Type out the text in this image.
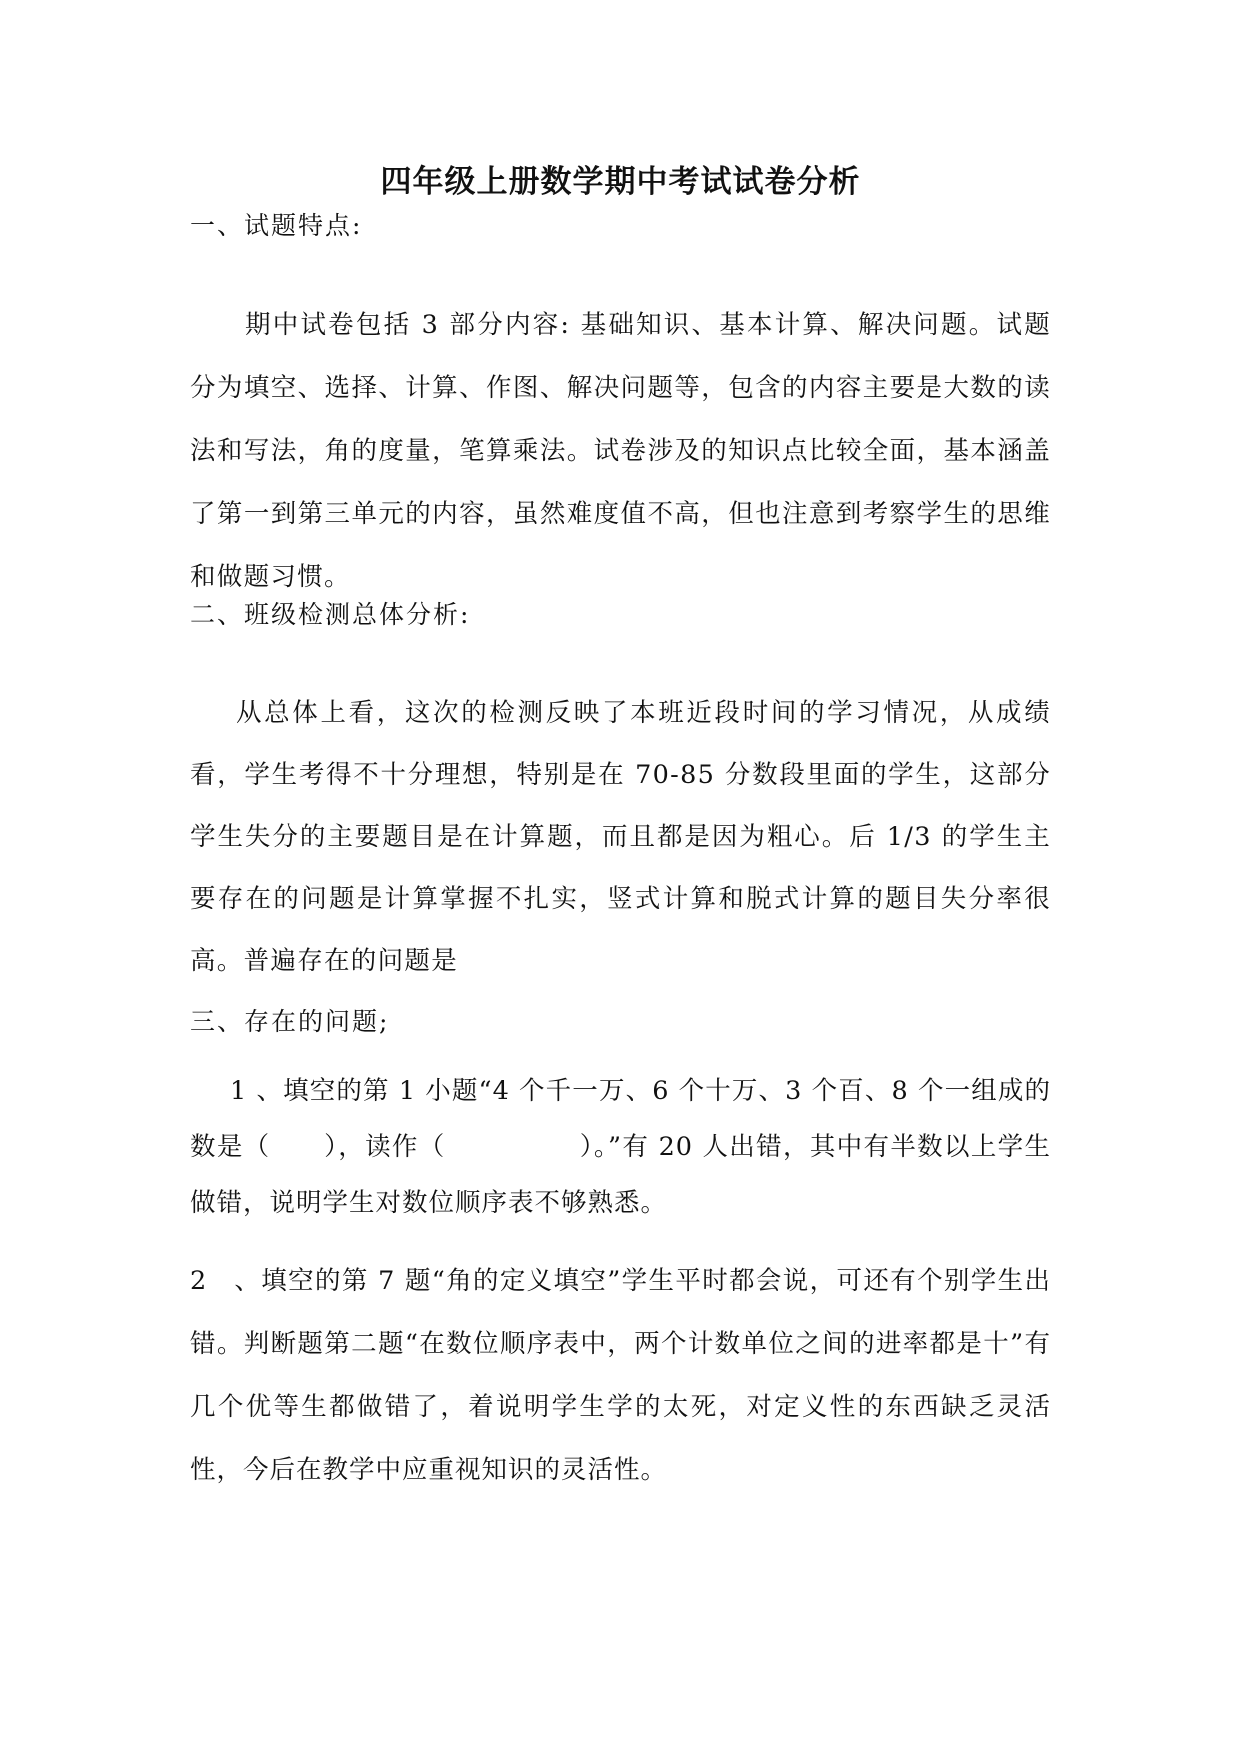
四年级上册数学期中考试试卷分析
一、试题特点:
期中试卷包括 3 部分内容: 基础知识、基本计算、解决问题。试题分为填空、选择、计算、作图、解决问题等，包含的内容主要是大数的读法和写法，角的度量，笔算乘法。试卷涉及的知识点比较全面，基本涵盖了第一到第三单元的内容，虽然难度值不高，但也注意到考察学生的思维和做题习惯。
二、班级检测总体分析:
从总体上看，这次的检测反映了本班近段时间的学习情况，从成绩看，学生考得不十分理想，特别是在 70-85 分数段里面的学生，这部分学生失分的主要题目是在计算题，而且都是因为粗心。后 1/3 的学生主要存在的问题是计算掌握不扎实，竖式计算和脱式计算的题目失分率很高。普遍存在的问题是
三、存在的问题;
1 、填空的第 1 小题“4 个千一万、6 个十万、3 个百、8 个一组成的数是（　　），读作（　　　　　）。”有 20 人出错，其中有半数以上学生做错，说明学生对数位顺序表不够熟悉。
2　、填空的第 7 题“角的定义填空”学生平时都会说，可还有个别学生出错。判断题第二题“在数位顺序表中，两个计数单位之间的进率都是十”有几个优等生都做错了，着说明学生学的太死，对定义性的东西缺乏灵活性，今后在教学中应重视知识的灵活性。
